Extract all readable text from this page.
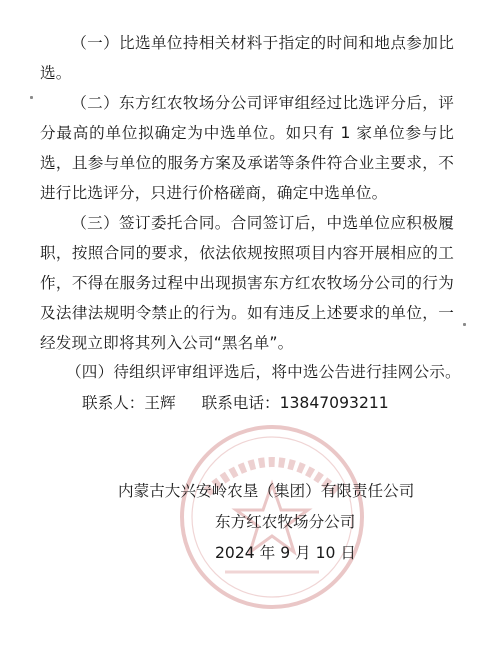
（一）比选单位持相关材料于指定的时间和地点参加比选。

（二）东方红农牧场分公司评审组经过比选评分后，评分最高的单位拟确定为中选单位。如只有 1 家单位参与比选，且参与单位的服务方案及承诺等条件符合业主要求，不进行比选评分，只进行价格磋商，确定中选单位。

（三）签订委托合同。合同签订后，中选单位应积极履职，按照合同的要求，依法依规按照项目内容开展相应的工作，不得在服务过程中出现损害东方红农牧场分公司的行为及法律法规明令禁止的行为。如有违反上述要求的单位，一经发现立即将其列入公司“黑名单”。

（四）待组织评审组评选后，将中选公告进行挂网公示。

联系人：王辉 联系电话：13847093211
内蒙古大兴安岭农垦（集团）有限责任公司
东方红农牧场分公司
2024 年 9 月 10 日
